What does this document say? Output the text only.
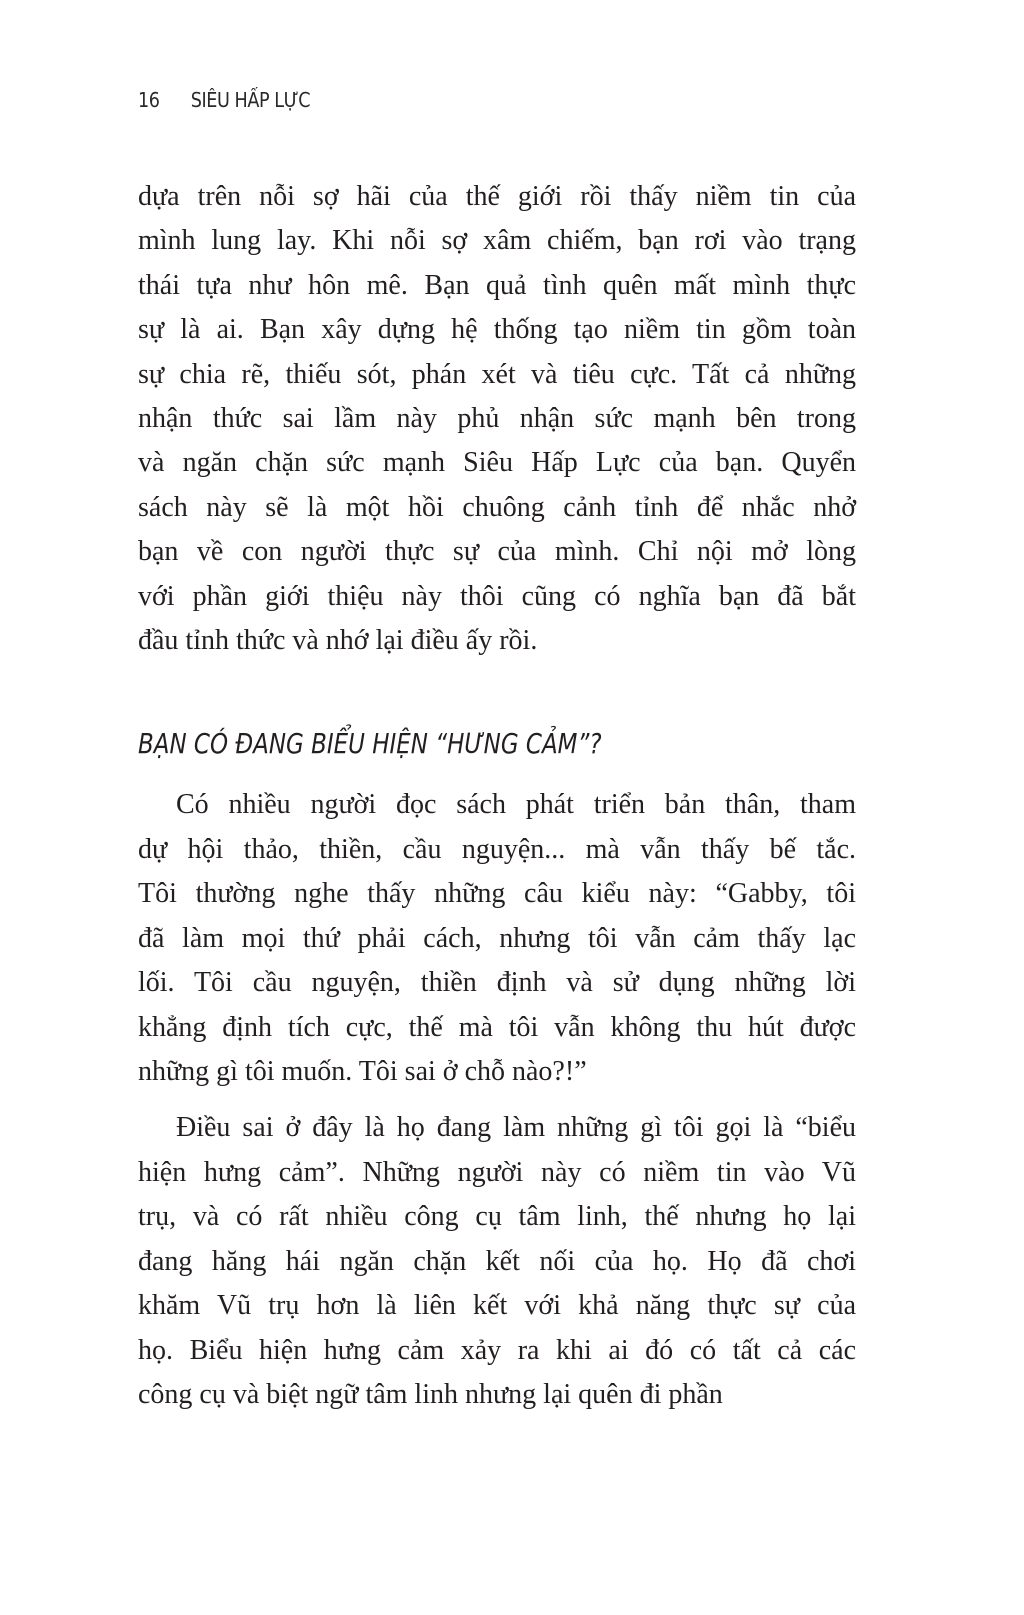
16 SIÊU HẤP LỰC
dựa trên nỗi sợ hãi của thế giới rồi thấy niềm tin của
mình lung lay. Khi nỗi sợ xâm chiếm, bạn rơi vào trạng
thái tựa như hôn mê. Bạn quả tình quên mất mình thực
sự là ai. Bạn xây dựng hệ thống tạo niềm tin gồm toàn
sự chia rẽ, thiếu sót, phán xét và tiêu cực. Tất cả những
nhận thức sai lầm này phủ nhận sức mạnh bên trong
và ngăn chặn sức mạnh Siêu Hấp Lực của bạn. Quyển
sách này sẽ là một hồi chuông cảnh tỉnh để nhắc nhở
bạn về con người thực sự của mình. Chỉ nội mở lòng
với phần giới thiệu này thôi cũng có nghĩa bạn đã bắt
đầu tỉnh thức và nhớ lại điều ấy rồi.
Có nhiều người đọc sách phát triển bản thân, tham
dự hội thảo, thiền, cầu nguyện... mà vẫn thấy bế tắc.
Tôi thường nghe thấy những câu kiểu này: “Gabby, tôi
đã làm mọi thứ phải cách, nhưng tôi vẫn cảm thấy lạc
lối. Tôi cầu nguyện, thiền định và sử dụng những lời
khẳng định tích cực, thế mà tôi vẫn không thu hút được
những gì tôi muốn. Tôi sai ở chỗ nào?!”
Điều sai ở đây là họ đang làm những gì tôi gọi là “biểu
hiện hưng cảm”. Những người này có niềm tin vào Vũ
trụ, và có rất nhiều công cụ tâm linh, thế nhưng họ lại
đang hăng hái ngăn chặn kết nối của họ. Họ đã chơi
khăm Vũ trụ hơn là liên kết với khả năng thực sự của
họ. Biểu hiện hưng cảm xảy ra khi ai đó có tất cả các
công cụ và biệt ngữ tâm linh nhưng lại quên đi phần
BẠN CÓ ĐANG BIỂU HIỆN “HƯNG CẢM”?
